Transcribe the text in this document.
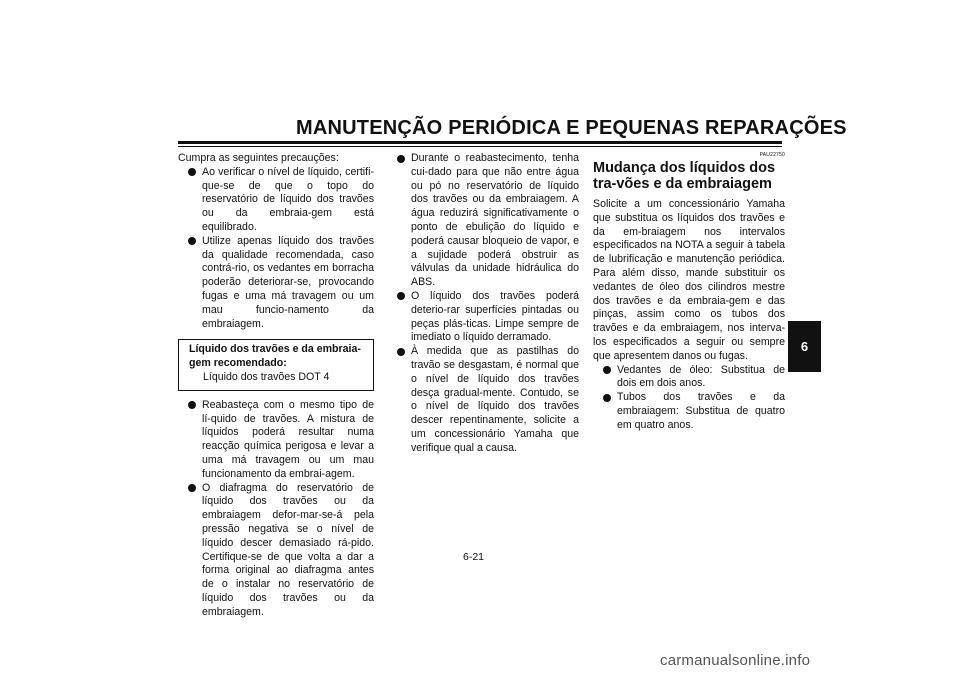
MANUTENÇÃO PERIÓDICA E PEQUENAS REPARAÇÕES

Cumpra as seguintes precauções:

Ao verificar o nível de líquido, certifi-que-se de que o topo do reservatório de líquido dos travões ou da embraia-gem está equilibrado.
Utilize apenas líquido dos travões da qualidade recomendada, caso contrá-rio, os vedantes em borracha poderão deteriorar-se, provocando fugas e uma má travagem ou um mau funcio-namento da embraiagem.
Líquido dos travões e da embraia-gem recomendado:
Líquido dos travões DOT 4
Reabasteça com o mesmo tipo de lí-quido de travões. A mistura de líquidos poderá resultar numa reacção química perigosa e levar a uma má travagem ou um mau funcionamento da embrai-agem.
O diafragma do reservatório de líquido dos travões ou da embraiagem defor-mar-se-á pela pressão negativa se o nível de líquido descer demasiado rá-pido. Certifique-se de que volta a dar a forma original ao diafragma antes de o instalar no reservatório de líquido dos travões ou da embraiagem.
Durante o reabastecimento, tenha cui-dado para que não entre água ou pó no reservatório de líquido dos travões ou da embraiagem. A água reduzirá significativamente o ponto de ebulição do líquido e poderá causar bloqueio de vapor, e a sujidade poderá obstruir as válvulas da unidade hidráulica do ABS.
O líquido dos travões poderá deterio-rar superfícies pintadas ou peças plás-ticas. Limpe sempre de imediato o líquido derramado.
À medida que as pastilhas do travão se desgastam, é normal que o nível de líquido dos travões desça gradual-mente. Contudo, se o nível de líquido dos travões descer repentinamente, solicite a um concessionário Yamaha que verifique qual a causa.
PAU22750
Mudança dos líquidos dos tra-vões e da embraiagem

Solicite a um concessionário Yamaha que substitua os líquidos dos travões e da em-braiagem nos intervalos especificados na NOTA a seguir à tabela de lubrificação e manutenção periódica. Para além disso, mande substituir os vedantes de óleo dos cilindros mestre dos travões e da embraia-gem e das pinças, assim como os tubos dos travões e da embraiagem, nos interva-los especificados a seguir ou sempre que apresentem danos ou fugas.

Vedantes de óleo: Substitua de dois em dois anos.
Tubos dos travões e da embraiagem: Substitua de quatro em quatro anos.
6-21
6
carmanualsonline.info
